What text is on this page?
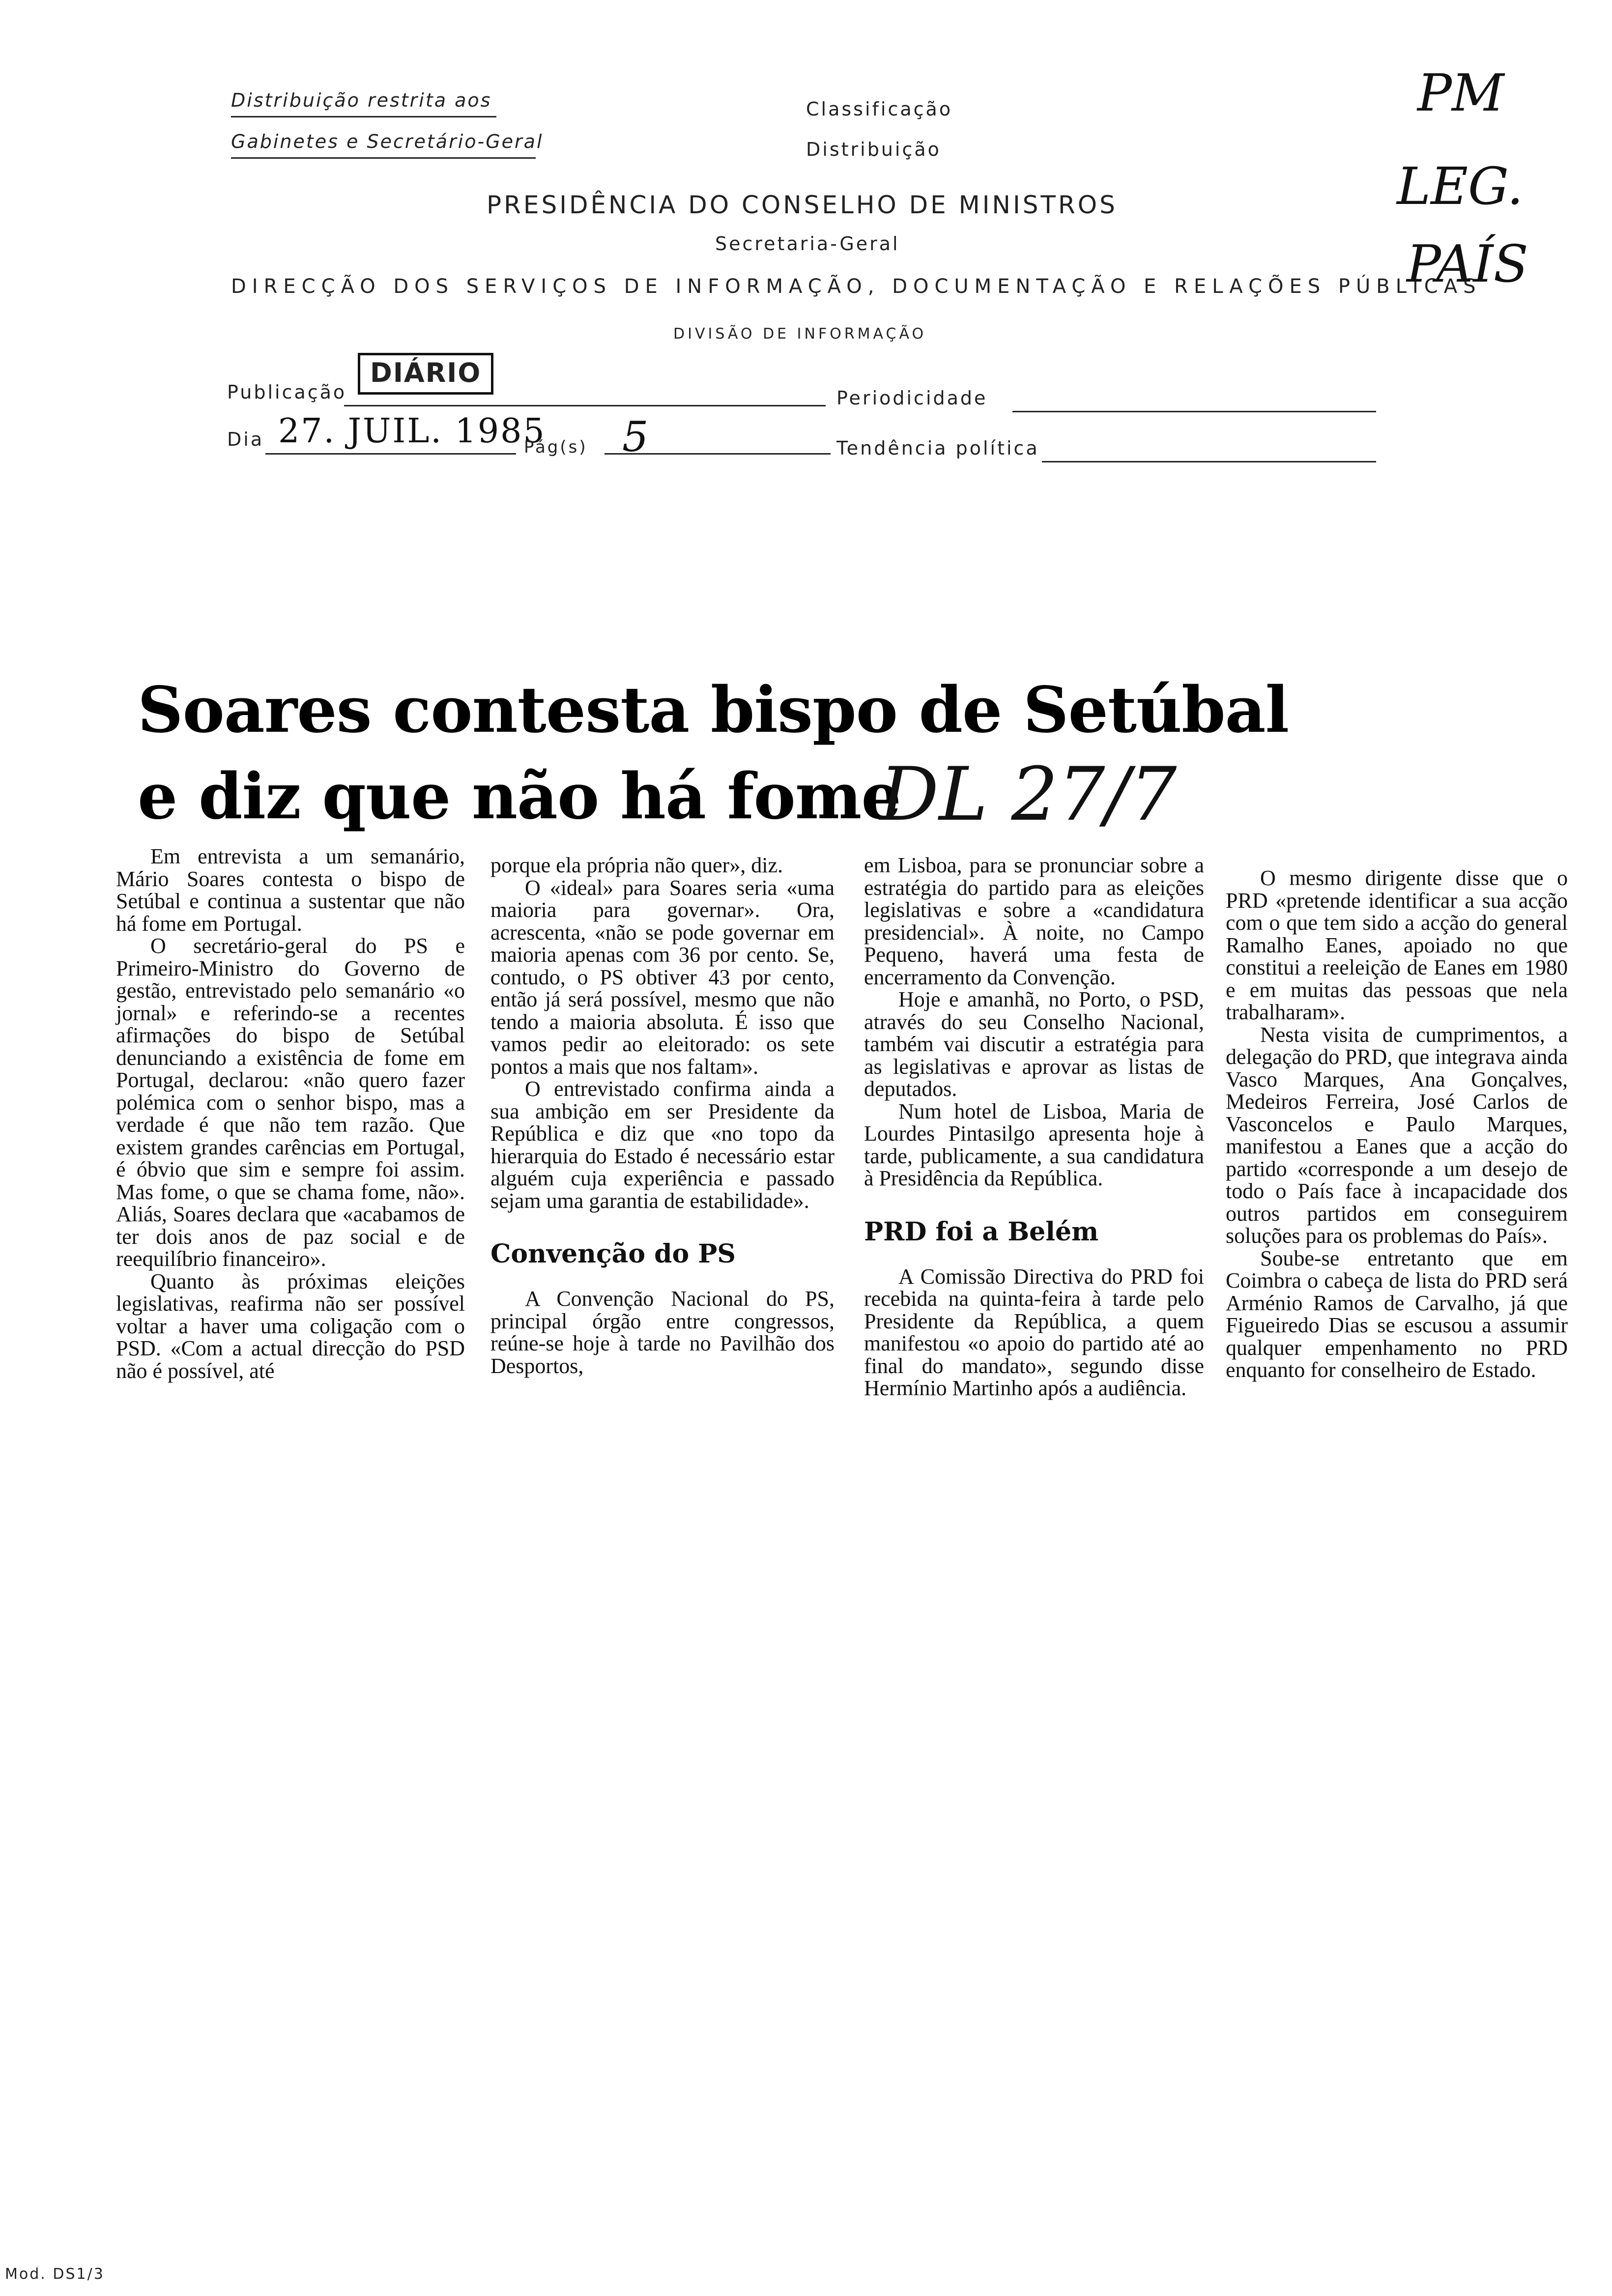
Distribuição restrita aos
Gabinetes e Secretário-Geral
Classificação
Distribuição
PRESIDÊNCIA DO CONSELHO DE MINISTROS
Secretaria-Geral
DIRECÇÃO DOS SERVIÇOS DE INFORMAÇÃO, DOCUMENTAÇÃO E RELAÇÕES PÚBLICAS
DIVISÃO DE INFORMAÇÃO
Publicação
DIÁRIO
Periodicidade
Dia 27. JUIL. 1985
Pág(s) 5	Tendência política
PM
LEG.
PAÍS
Soares contesta bispo de Setúbal
e diz que não há fome
DL 27/7

Em entrevista a um semanário, Mário Soares contesta o bispo de Setúbal e continua a sustentar que não há fome em Portugal.

O secretário-geral do PS e Primeiro-Ministro do Governo de gestão, entrevistado pelo semanário «o jornal» e referindo-se a recentes afirmações do bispo de Setúbal denunciando a existência de fome em Portugal, declarou: «não quero fazer polémica com o senhor bispo, mas a verdade é que não tem razão. Que existem grandes carências em Portugal, é óbvio que sim e sempre foi assim. Mas fome, o que se chama fome, não». Aliás, Soares declara que «acabamos de ter dois anos de paz social e de reequilíbrio financeiro».

Quanto às próximas eleições legislativas, reafirma não ser possível voltar a haver uma coligação com o PSD. «Com a actual direcção do PSD não é possível, até

porque ela própria não quer», diz.

O «ideal» para Soares seria «uma maioria para governar». Ora, acrescenta, «não se pode governar em maioria apenas com 36 por cento. Se, contudo, o PS obtiver 43 por cento, então já será possível, mesmo que não tendo a maioria absoluta. É isso que vamos pedir ao eleitorado: os sete pontos a mais que nos faltam».

O entrevistado confirma ainda a sua ambição em ser Presidente da República e diz que «no topo da hierarquia do Estado é necessário estar alguém cuja experiência e passado sejam uma garantia de estabilidade».

Convenção do PS

A Convenção Nacional do PS, principal órgão entre congressos, reúne-se hoje à tarde no Pavilhão dos Desportos,

em Lisboa, para se pronunciar sobre a estratégia do partido para as eleições legislativas e sobre a «candidatura presidencial». À noite, no Campo Pequeno, haverá uma festa de encerramento da Convenção.

Hoje e amanhã, no Porto, o PSD, através do seu Conselho Nacional, também vai discutir a estratégia para as legislativas e aprovar as listas de deputados.

Num hotel de Lisboa, Maria de Lourdes Pintasilgo apresenta hoje à tarde, publicamente, a sua candidatura à Presidência da República.

PRD foi a Belém

A Comissão Directiva do PRD foi recebida na quinta-feira à tarde pelo Presidente da República, a quem manifestou «o apoio do partido até ao final do mandato», segundo disse Hermínio Martinho após a audiência.

O mesmo dirigente disse que o PRD «pretende identificar a sua acção com o que tem sido a acção do general Ramalho Eanes, apoiado no que constitui a reeleição de Eanes em 1980 e em muitas das pessoas que nela trabalharam».

Nesta visita de cumprimentos, a delegação do PRD, que integrava ainda Vasco Marques, Ana Gonçalves, Medeiros Ferreira, José Carlos de Vasconcelos e Paulo Marques, manifestou a Eanes que a acção do partido «corresponde a um desejo de todo o País face à incapacidade dos outros partidos em conseguirem soluções para os problemas do País».

Soube-se entretanto que em Coimbra o cabeça de lista do PRD será Arménio Ramos de Carvalho, já que Figueiredo Dias se escusou a assumir qualquer empenhamento no PRD enquanto for conselheiro de Estado.

Mod. DS1/3
